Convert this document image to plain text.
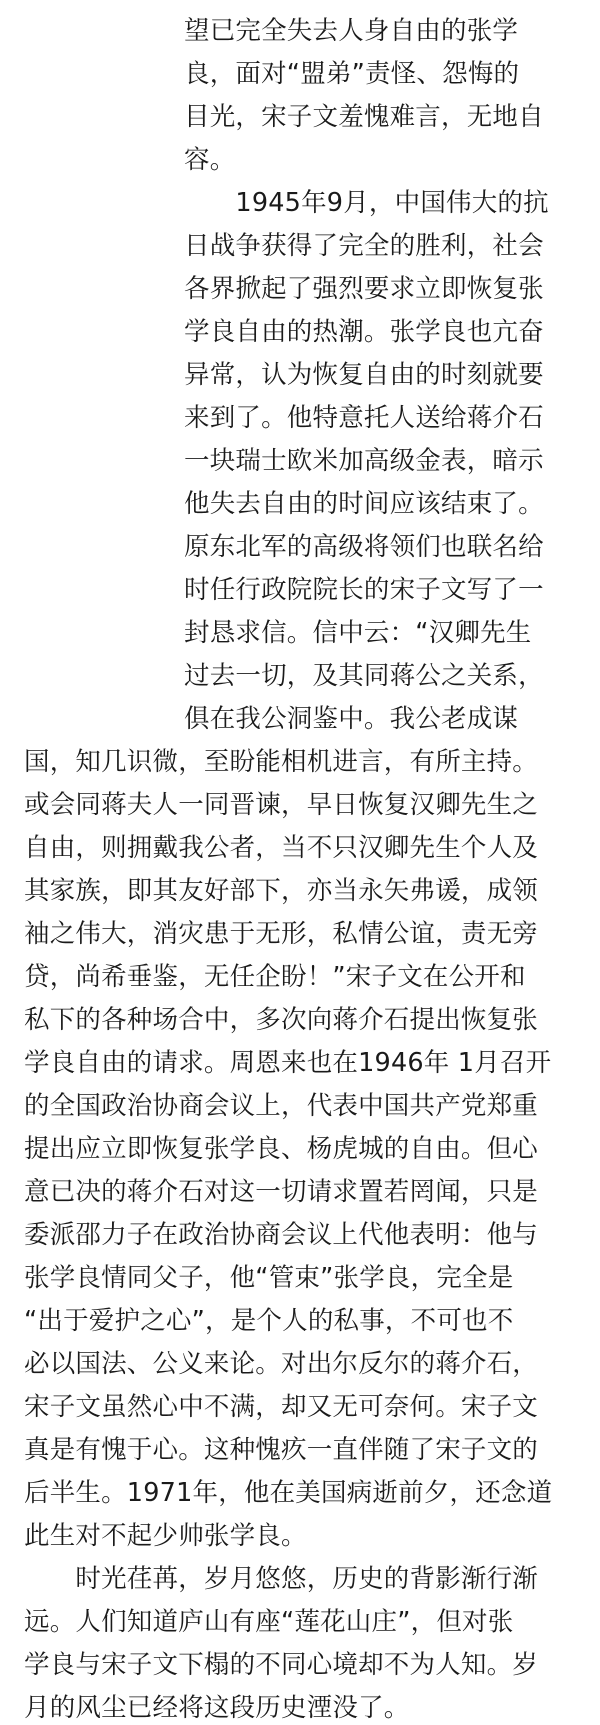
望已完全失去人身自由的张学
良，面对“盟弟”责怪、怨悔的
目光，宋子文羞愧难言，无地自
容。
　　1945年9月，中国伟大的抗
日战争获得了完全的胜利，社会
各界掀起了强烈要求立即恢复张
学良自由的热潮。张学良也亢奋
异常，认为恢复自由的时刻就要
来到了。他特意托人送给蒋介石
一块瑞士欧米加高级金表，暗示
他失去自由的时间应该结束了。
原东北军的高级将领们也联名给
时任行政院院长的宋子文写了一
封恳求信。信中云：“汉卿先生
过去一切，及其同蒋公之关系，
俱在我公洞鉴中。我公老成谋
国，知几识微，至盼能相机进言，有所主持。
或会同蒋夫人一同晋谏，早日恢复汉卿先生之
自由，则拥戴我公者，当不只汉卿先生个人及
其家族，即其友好部下，亦当永矢弗谖，成领
袖之伟大，消灾患于无形，私情公谊，责无旁
贷，尚希垂鉴，无任企盼！”宋子文在公开和
私下的各种场合中，多次向蒋介石提出恢复张
学良自由的请求。周恩来也在1946年 1月召开
的全国政治协商会议上，代表中国共产党郑重
提出应立即恢复张学良、杨虎城的自由。但心
意已决的蒋介石对这一切请求置若罔闻，只是
委派邵力子在政治协商会议上代他表明：他与
张学良情同父子，他“管束”张学良，完全是
“出于爱护之心”，是个人的私事，不可也不
必以国法、公义来论。对出尔反尔的蒋介石，
宋子文虽然心中不满，却又无可奈何。宋子文
真是有愧于心。这种愧疚一直伴随了宋子文的
后半生。1971年，他在美国病逝前夕，还念道
此生对不起少帅张学良。
　　时光荏苒，岁月悠悠，历史的背影渐行渐
远。人们知道庐山有座“莲花山庄”，但对张
学良与宋子文下榻的不同心境却不为人知。岁
月的风尘已经将这段历史湮没了。
